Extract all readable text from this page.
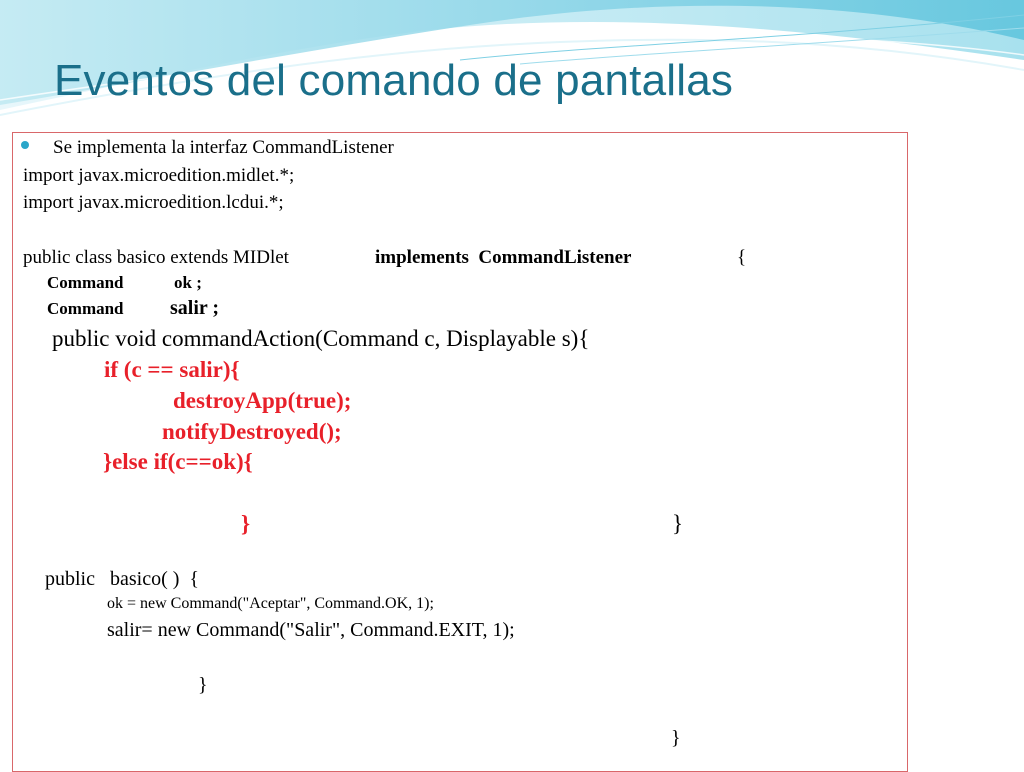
Eventos del comando de pantallas
Se implementa la interfaz CommandListener
import javax.microedition.midlet.*;
import javax.microedition.lcdui.*;
public class basico extends MIDlet	implements  CommandListener	{
Command	ok ;
Command salir ;
public void commandAction(Command c, Displayable s){
if (c == salir){
destroyApp(true);
notifyDestroyed();
}else if(c==ok){
}	}
public   basico( )  {
ok = new Command("Aceptar", Command.OK, 1);
salir= new Command("Salir", Command.EXIT, 1);
}
}
